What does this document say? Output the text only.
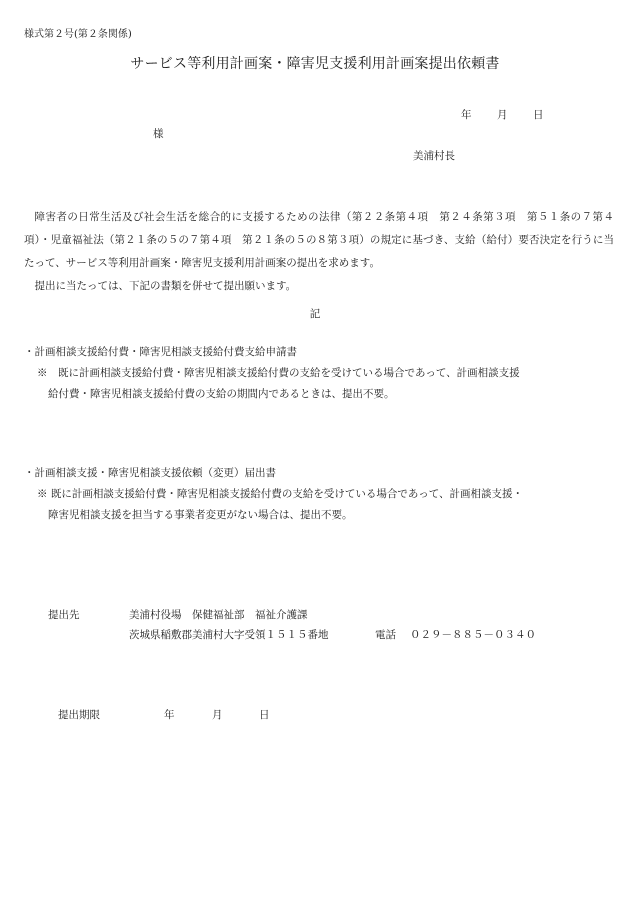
様式第２号(第２条関係)
サービス等利用計画案・障害児支援利用計画案提出依頼書
年 月 日
様
美浦村長

障害者の日常生活及び社会生活を総合的に支援するための法律（第２２条第４項　第２４条第３項　第５１条の７第４項）・児童福祉法（第２１条の５の７第４項　第２１条の５の８第３項）の規定に基づき、支給（給付）要否決定を行うに当たって、サービス等利用計画案・障害児支援利用計画案の提出を求めます。

提出に当たっては、下記の書類を併せて提出願います。

記
・計画相談支援給付費・障害児相談支援給付費支給申請書
※　既に計画相談支援給付費・障害児相談支援給付費の支給を受けている場合であって、計画相談支援
給付費・障害児相談支援給付費の支給の期間内であるときは、提出不要。
・計画相談支援・障害児相談支援依頼（変更）届出書
※ 既に計画相談支援給付費・障害児相談支援給付費の支給を受けている場合であって、計画相談支援・
障害児相談支援を担当する事業者変更がない場合は、提出不要。
提出先	美浦村役場　保健福祉部　福祉介護課
茨城県稲敷郡美浦村大字受領１５１５番地	電話 ０２９－８８５－０３４０
提出期限	年	月	日
